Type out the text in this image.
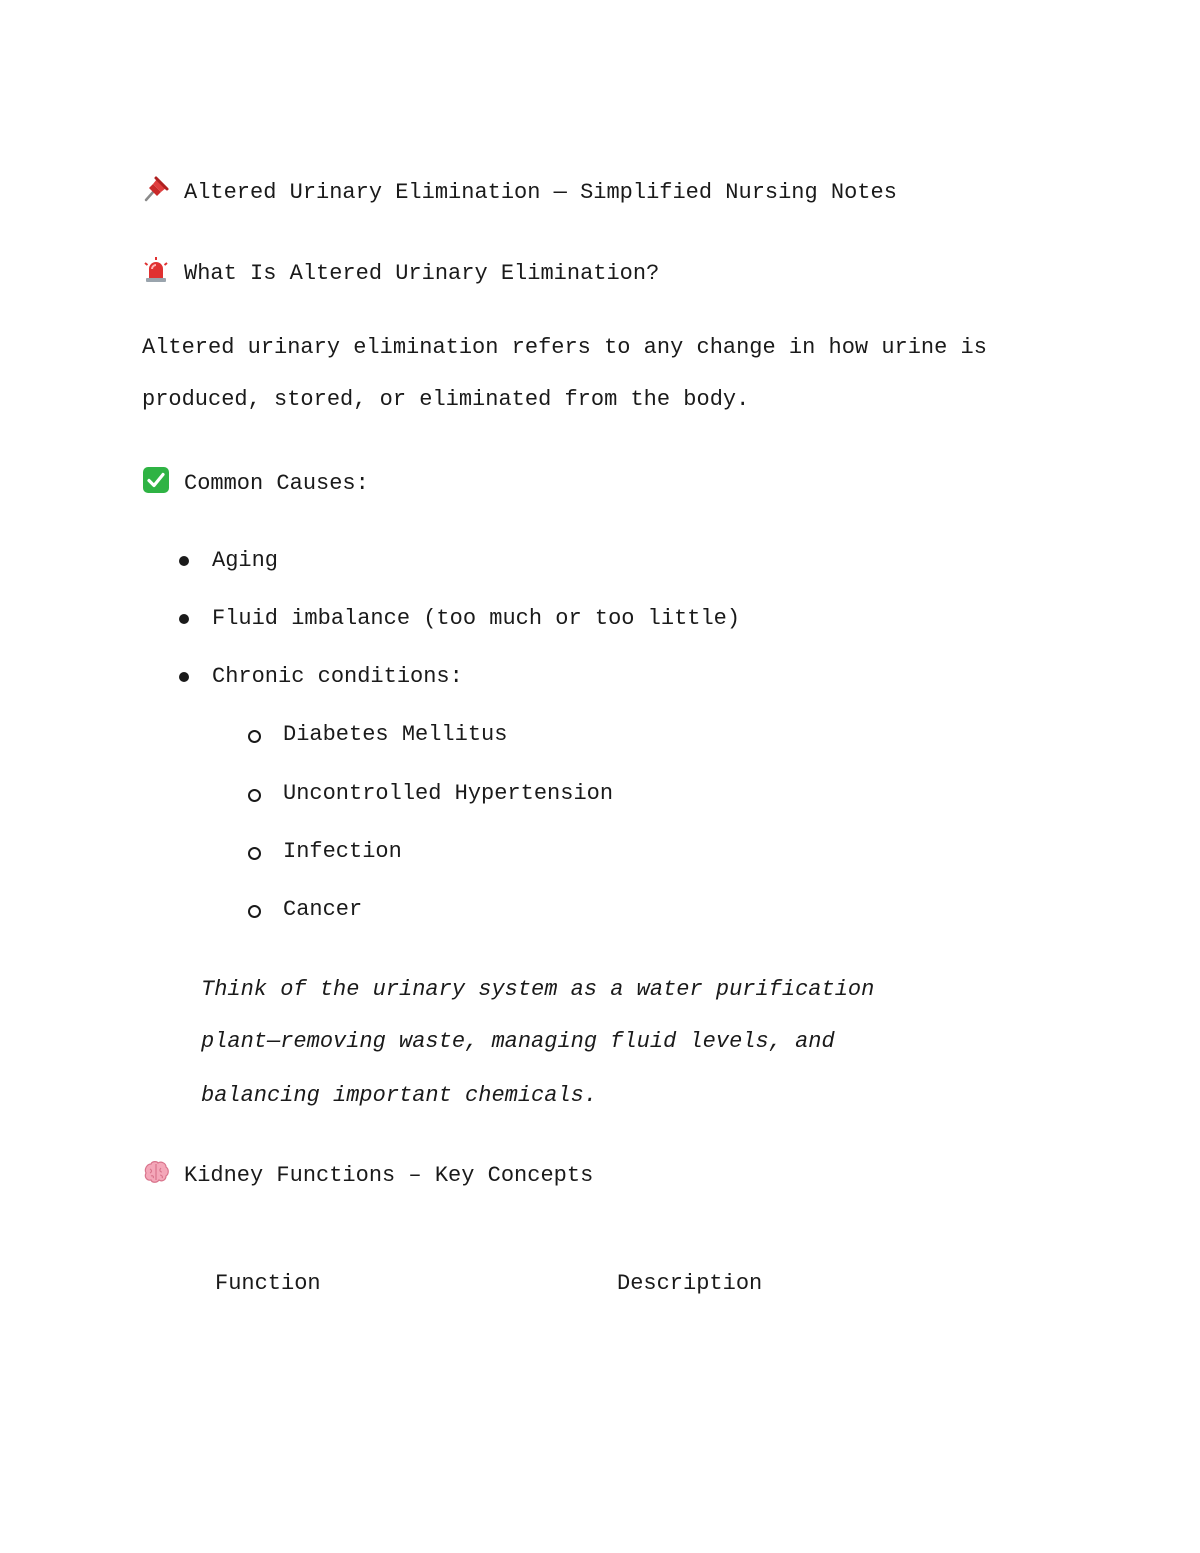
Altered Urinary Elimination — Simplified Nursing Notes
What Is Altered Urinary Elimination?
Altered urinary elimination refers to any change in how urine is
produced, stored, or eliminated from the body.
Common Causes:
Aging
Fluid imbalance (too much or too little)
Chronic conditions:
Diabetes Mellitus
Uncontrolled Hypertension
Infection
Cancer
Think of the urinary system as a water purification
plant—removing waste, managing fluid levels, and
balancing important chemicals.
Kidney Functions – Key Concepts
Function	Description
